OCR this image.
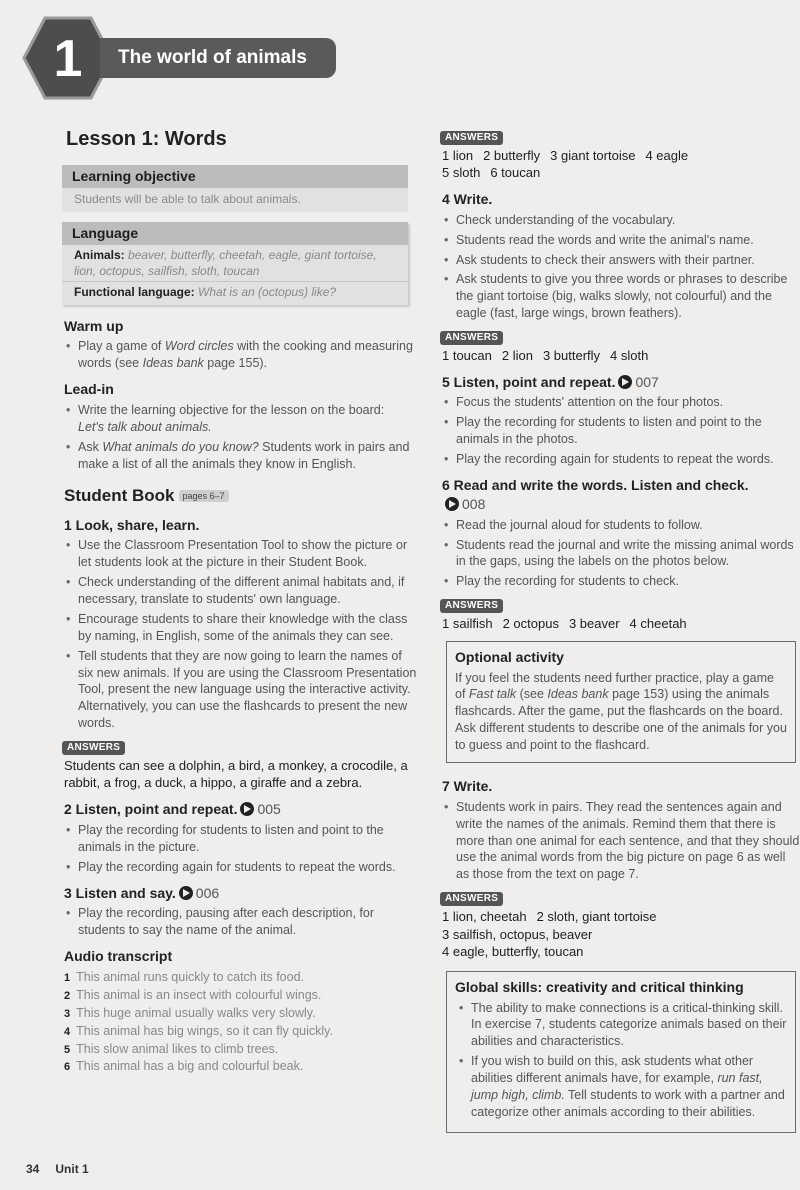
1	The world of animals
Lesson 1: Words
Learning objective
Students will be able to talk about animals.
Language
Animals: beaver, butterfly, cheetah, eagle, giant tortoise, lion, octopus, sailfish, sloth, toucan
Functional language: What is an (octopus) like?
Warm up
• Play a game of Word circles with the cooking and measuring words (see Ideas bank page 155).
Lead-in
• Write the learning objective for the lesson on the board:
Let's talk about animals.
• Ask What animals do you know? Students work in pairs and make a list of all the animals they know in English.
Student Book pages 6–7
1 Look, share, learn.
• Use the Classroom Presentation Tool to show the picture or let students look at the picture in their Student Book.
• Check understanding of the different animal habitats and, if necessary, translate to students' own language.
• Encourage students to share their knowledge with the class by naming, in English, some of the animals they can see.
• Tell students that they are now going to learn the names of six new animals. If you are using the Classroom Presentation Tool, present the new language using the interactive activity. Alternatively, you can use the flashcards to present the new words.
ANSWERS
Students can see a dolphin, a bird, a monkey, a crocodile, a rabbit, a frog, a duck, a hippo, a giraffe and a zebra.
2 Listen, point and repeat. 005
• Play the recording for students to listen and point to the animals in the picture.
• Play the recording again for students to repeat the words.
3 Listen and say. 006
• Play the recording, pausing after each description, for students to say the name of the animal.
Audio transcript
1 This animal runs quickly to catch its food.
2 This animal is an insect with colourful wings.
3 This huge animal usually walks very slowly.
4 This animal has big wings, so it can fly quickly.
5 This slow animal likes to climb trees.
6 This animal has a big and colourful beak.
ANSWERS
1 lion 2 butterfly 3 giant tortoise 4 eagle
5 sloth 6 toucan
4 Write.
• Check understanding of the vocabulary.
• Students read the words and write the animal's name.
• Ask students to check their answers with their partner.
• Ask students to give you three words or phrases to describe the giant tortoise (big, walks slowly, not colourful) and the eagle (fast, large wings, brown feathers).
ANSWERS
1 toucan 2 lion 3 butterfly 4 sloth
5 Listen, point and repeat. 007
• Focus the students' attention on the four photos.
• Play the recording for students to listen and point to the animals in the photos.
• Play the recording again for students to repeat the words.
6 Read and write the words. Listen and check.
008
• Read the journal aloud for students to follow.
• Students read the journal and write the missing animal words in the gaps, using the labels on the photos below.
• Play the recording for students to check.
ANSWERS
1 sailfish 2 octopus 3 beaver 4 cheetah
Optional activity

If you feel the students need further practice, play a game of Fast talk (see Ideas bank page 153) using the animals flashcards. After the game, put the flashcards on the board. Ask different students to describe one of the animals for you to guess and point to the flashcard.

7 Write.
• Students work in pairs. They read the sentences again and write the names of the animals. Remind them that there is more than one animal for each sentence, and that they should use the animal words from the big picture on page 6 as well as those from the text on page 7.
ANSWERS
1 lion, cheetah 2 sloth, giant tortoise
3 sailfish, octopus, beaver
4 eagle, butterfly, toucan
Global skills: creativity and critical thinking
• The ability to make connections is a critical-thinking skill. In exercise 7, students categorize animals based on their abilities and characteristics.
• If you wish to build on this, ask students what other abilities different animals have, for example, run fast, jump high, climb. Tell students to work with a partner and categorize other animals according to their abilities.
34 Unit 1
